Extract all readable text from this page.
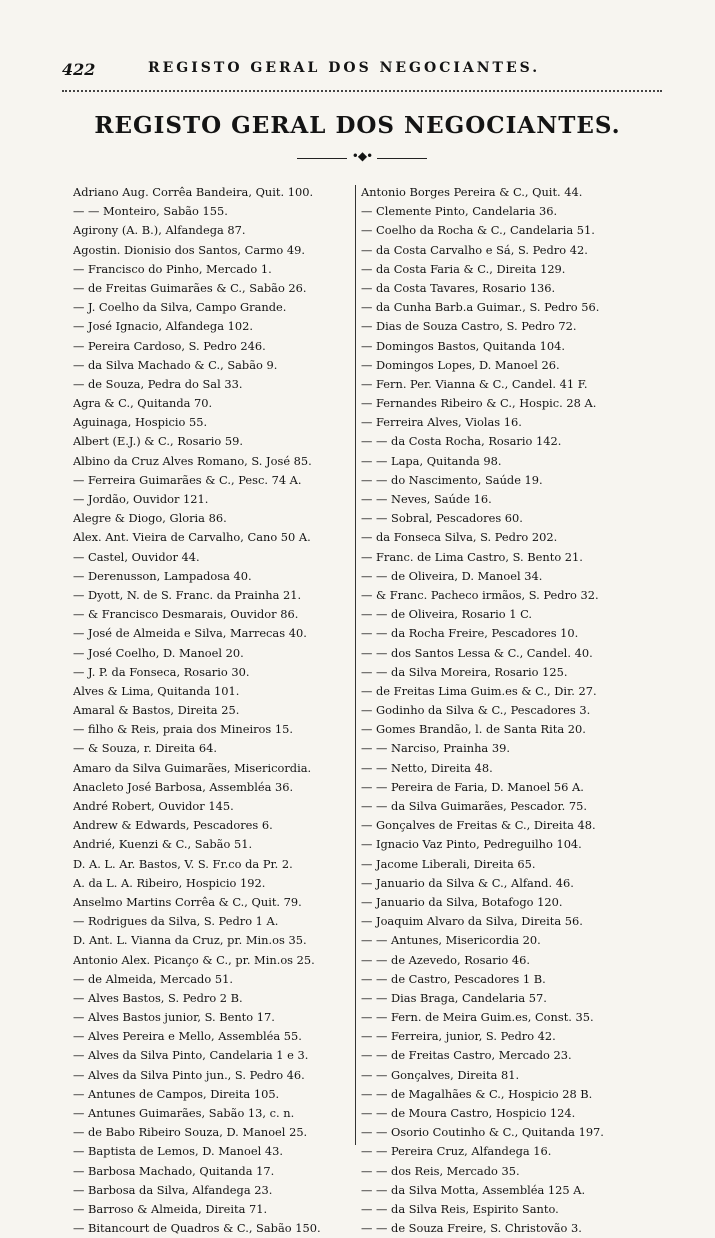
422	REGISTO GERAL DOS NEGOCIANTES.
REGISTO GERAL DOS NEGOCIANTES.
•◆•
Adriano Aug. Corrêa Bandeira, Quit. 100.
— — Monteiro, Sabão 155.
Agirony (A. B.), Alfandega 87.
Agostin. Dionisio dos Santos, Carmo 49.
— Francisco do Pinho, Mercado 1.
— de Freitas Guimarães & C., Sabão 26.
— J. Coelho da Silva, Campo Grande.
— José Ignacio, Alfandega 102.
— Pereira Cardoso, S. Pedro 246.
— da Silva Machado & C., Sabão 9.
— de Souza, Pedra do Sal 33.
Agra & C., Quitanda 70.
Aguinaga, Hospicio 55.
Albert (E.J.) & C., Rosario 59.
Albino da Cruz Alves Romano, S. José 85.
— Ferreira Guimarães & C., Pesc. 74 A.
— Jordão, Ouvidor 121.
Alegre & Diogo, Gloria 86.
Alex. Ant. Vieira de Carvalho, Cano 50 A.
— Castel, Ouvidor 44.
— Derenusson, Lampadosa 40.
— Dyott, N. de S. Franc. da Prainha 21.
— & Francisco Desmarais, Ouvidor 86.
— José de Almeida e Silva, Marrecas 40.
— José Coelho, D. Manoel 20.
— J. P. da Fonseca, Rosario 30.
Alves & Lima, Quitanda 101.
Amaral & Bastos, Direita 25.
— filho & Reis, praia dos Mineiros 15.
— & Souza, r. Direita 64.
Amaro da Silva Guimarães, Misericordia.
Anacleto José Barbosa, Assembléa 36.
André Robert, Ouvidor 145.
Andrew & Edwards, Pescadores 6.
Andrié, Kuenzi & C., Sabão 51.
D. A. L. Ar. Bastos, V. S. Fr.co da Pr. 2.
A. da L. A. Ribeiro, Hospicio 192.
Anselmo Martins Corrêa & C., Quit. 79.
— Rodrigues da Silva, S. Pedro 1 A.
D. Ant. L. Vianna da Cruz, pr. Min.os 35.
Antonio Alex. Picanço & C., pr. Min.os 25.
— de Almeida, Mercado 51.
— Alves Bastos, S. Pedro 2 B.
— Alves Bastos junior, S. Bento 17.
— Alves Pereira e Mello, Assembléa 55.
— Alves da Silva Pinto, Candelaria 1 e 3.
— Alves da Silva Pinto jun., S. Pedro 46.
— Antunes de Campos, Direita 105.
— Antunes Guimarães, Sabão 13, c. n.
— de Babo Ribeiro Souza, D. Manoel 25.
— Baptista de Lemos, D. Manoel 43.
— Barbosa Machado, Quitanda 17.
— Barbosa da Silva, Alfandega 23.
— Barroso & Almeida, Direita 71.
— Bitancourt de Quadros & C., Sabão 150.
Antonio Borges Pereira & C., Quit. 44.
— Clemente Pinto, Candelaria 36.
— Coelho da Rocha & C., Candelaria 51.
— da Costa Carvalho e Sá, S. Pedro 42.
— da Costa Faria & C., Direita 129.
— da Costa Tavares, Rosario 136.
— da Cunha Barb.a Guimar., S. Pedro 56.
— Dias de Souza Castro, S. Pedro 72.
— Domingos Bastos, Quitanda 104.
— Domingos Lopes, D. Manoel 26.
— Fern. Per. Vianna & C., Candel. 41 F.
— Fernandes Ribeiro & C., Hospic. 28 A.
— Ferreira Alves, Violas 16.
— — da Costa Rocha, Rosario 142.
— — Lapa, Quitanda 98.
— — do Nascimento, Saúde 19.
— — Neves, Saúde 16.
— — Sobral, Pescadores 60.
— da Fonseca Silva, S. Pedro 202.
— Franc. de Lima Castro, S. Bento 21.
— — de Oliveira, D. Manoel 34.
— & Franc. Pacheco irmãos, S. Pedro 32.
— — de Oliveira, Rosario 1 C.
— — da Rocha Freire, Pescadores 10.
— — dos Santos Lessa & C., Candel. 40.
— — da Silva Moreira, Rosario 125.
— de Freitas Lima Guim.es & C., Dir. 27.
— Godinho da Silva & C., Pescadores 3.
— Gomes Brandão, l. de Santa Rita 20.
— — Narciso, Prainha 39.
— — Netto, Direita 48.
— — Pereira de Faria, D. Manoel 56 A.
— — da Silva Guimarães, Pescador. 75.
— Gonçalves de Freitas & C., Direita 48.
— Ignacio Vaz Pinto, Pedreguilho 104.
— Jacome Liberali, Direita 65.
— Januario da Silva & C., Alfand. 46.
— Januario da Silva, Botafogo 120.
— Joaquim Alvaro da Silva, Direita 56.
— — Antunes, Misericordia 20.
— — de Azevedo, Rosario 46.
— — de Castro, Pescadores 1 B.
— — Dias Braga, Candelaria 57.
— — Fern. de Meira Guim.es, Const. 35.
— — Ferreira, junior, S. Pedro 42.
— — de Freitas Castro, Mercado 23.
— — Gonçalves, Direita 81.
— — de Magalhães & C., Hospicio 28 B.
— — de Moura Castro, Hospicio 124.
— — Osorio Coutinho & C., Quitanda 197.
— — Pereira Cruz, Alfandega 16.
— — dos Reis, Mercado 35.
— — da Silva Motta, Assembléa 125 A.
— — da Silva Reis, Espirito Santo.
— — de Souza Freire, S. Christovão 3.
